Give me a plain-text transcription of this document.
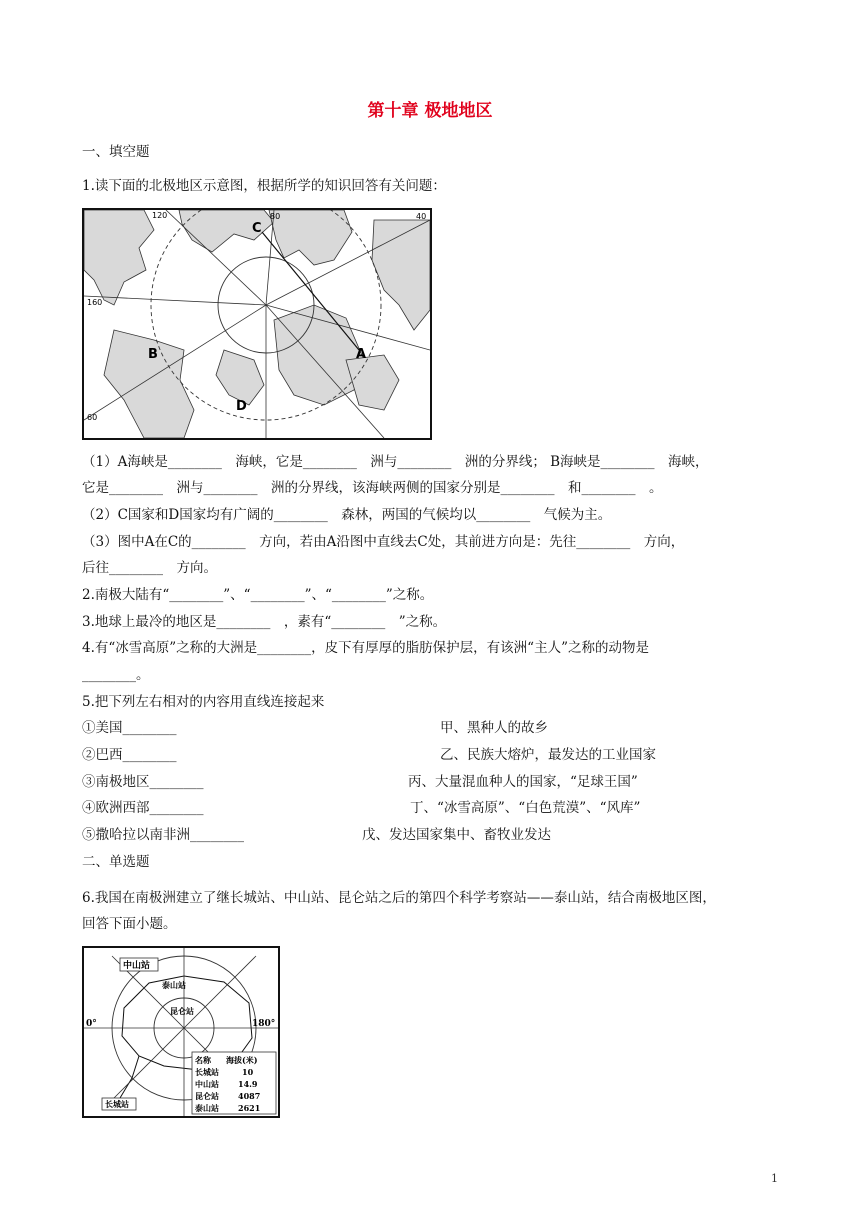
第十章 极地地区
一、填空题
1.读下面的北极地区示意图，根据所学的知识回答有关问题：
120	80	40
160
60
C
B
D
A
（1）A海峡是________　海峡，它是________　洲与________　洲的分界线； B海峡是________　海峡，
它是________　洲与________　洲的分界线，该海峡两侧的国家分别是________　和________　。
（2）C国家和D国家均有广阔的________　森林，两国的气候均以________　气候为主。
（3）图中A在C的________　方向，若由A沿图中直线去C处，其前进方向是：先往________　方向，
后往________　方向。
2.南极大陆有“________”、“________”、“________”之称。
3.地球上最冷的地区是________　，素有“________　”之称。
4.有“冰雪高原”之称的大洲是________，皮下有厚厚的脂肪保护层，有该洲“主人”之称的动物是
________。
5.把下列左右相对的内容用直线连接起来
①美国________
②巴西________
③南极地区________
④欧洲西部________
⑤撒哈拉以南非洲________
甲、黑种人的故乡
乙、民族大熔炉，最发达的工业国家
丙、大量混血种人的国家，“足球王国”
丁、“冰雪高原”、“白色荒漠”、“风库”
戊、发达国家集中、畜牧业发达
二、单选题
6.我国在南极洲建立了继长城站、中山站、昆仑站之后的第四个科学考察站——泰山站，结合南极地区图，
回答下面小题。
中山站
泰山站
昆仑站
长城站
0°	180°
名称 海拔(米)
长城站	10
中山站 14.9
昆仑站 4087
泰山站 2621
1
